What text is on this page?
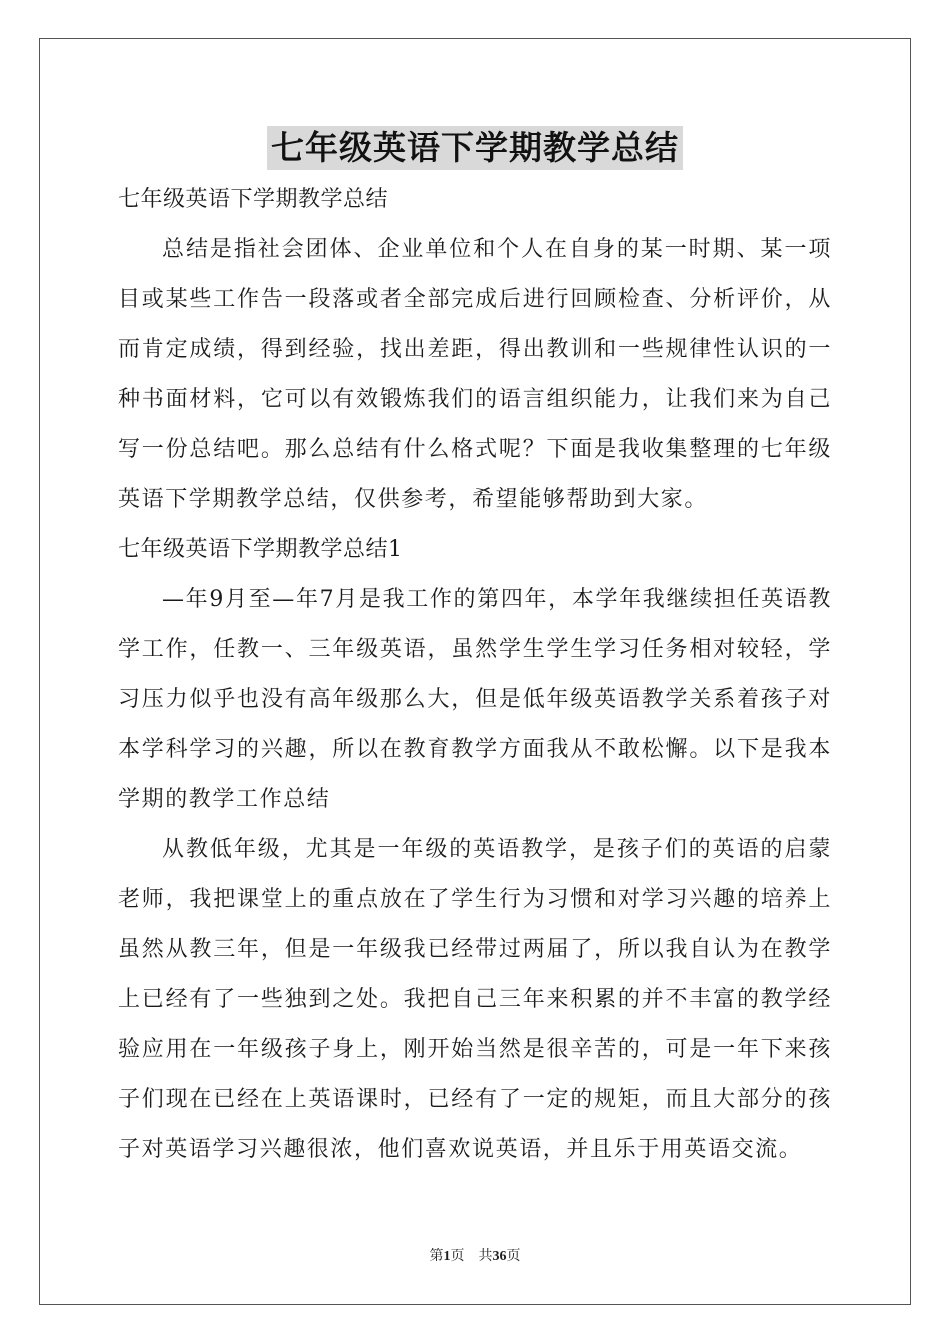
七年级英语下学期教学总结

七年级英语下学期教学总结

总结是指社会团体、企业单位和个人在自身的某一时期、某一项目或某些工作告一段落或者全部完成后进行回顾检查、分析评价，从而肯定成绩，得到经验，找出差距，得出教训和一些规律性认识的一种书面材料，它可以有效锻炼我们的语言组织能力，让我们来为自己写一份总结吧。那么总结有什么格式呢？下面是我收集整理的七年级英语下学期教学总结，仅供参考，希望能够帮助到大家。

七年级英语下学期教学总结1

—年9月至—年7月是我工作的第四年，本学年我继续担任英语教学工作，任教一、三年级英语，虽然学生学生学习任务相对较轻，学习压力似乎也没有高年级那么大，但是低年级英语教学关系着孩子对本学科学习的兴趣，所以在教育教学方面我从不敢松懈。以下是我本学期的教学工作总结

从教低年级，尤其是一年级的英语教学，是孩子们的英语的启蒙老师，我把课堂上的重点放在了学生行为习惯和对学习兴趣的培养上虽然从教三年，但是一年级我已经带过两届了，所以我自认为在教学上已经有了一些独到之处。我把自己三年来积累的并不丰富的教学经验应用在一年级孩子身上，刚开始当然是很辛苦的，可是一年下来孩子们现在已经在上英语课时，已经有了一定的规矩，而且大部分的孩子对英语学习兴趣很浓，他们喜欢说英语，并且乐于用英语交流。

第1页 共36页
